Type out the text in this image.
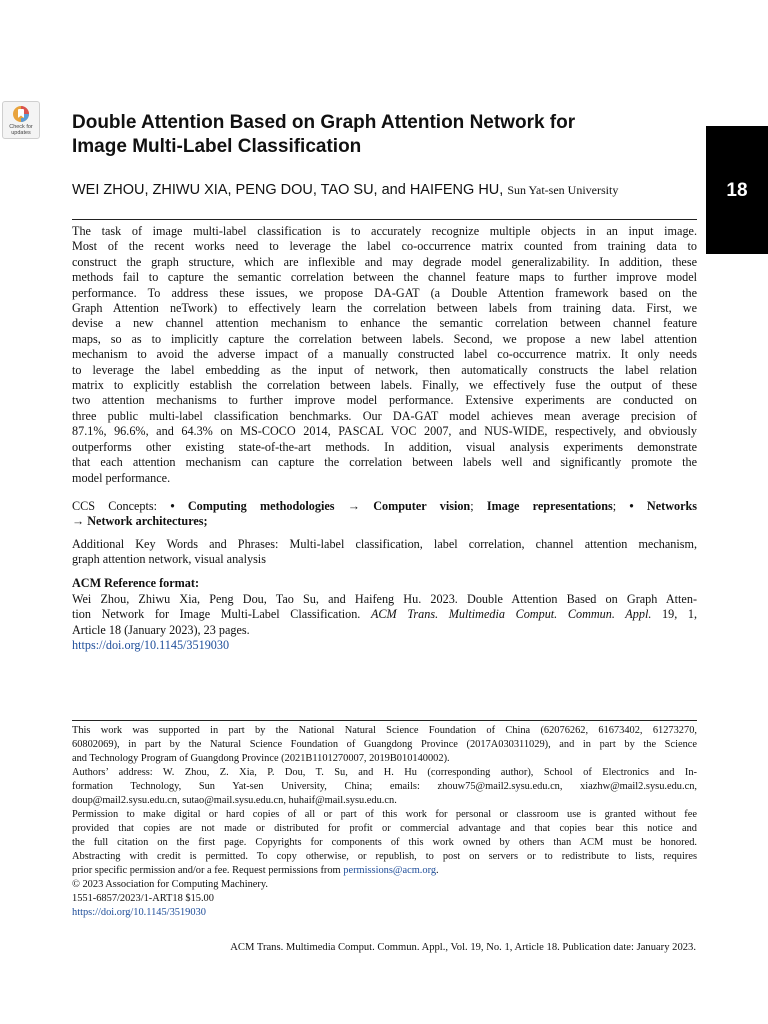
Check for
updates
18
Double Attention Based on Graph Attention Network for
Image Multi-Label Classification
WEI ZHOU, ZHIWU XIA, PENG DOU, TAO SU, and HAIFENG HU, Sun Yat-sen University
The task of image multi-label classification is to accurately recognize multiple objects in an input image.
Most of the recent works need to leverage the label co-occurrence matrix counted from training data to
construct the graph structure, which are inflexible and may degrade model generalizability. In addition, these
methods fail to capture the semantic correlation between the channel feature maps to further improve model
performance. To address these issues, we propose DA-GAT (a Double Attention framework based on the
Graph Attention neTwork) to effectively learn the correlation between labels from training data. First, we
devise a new channel attention mechanism to enhance the semantic correlation between channel feature
maps, so as to implicitly capture the correlation between labels. Second, we propose a new label attention
mechanism to avoid the adverse impact of a manually constructed label co-occurrence matrix. It only needs
to leverage the label embedding as the input of network, then automatically constructs the label relation
matrix to explicitly establish the correlation between labels. Finally, we effectively fuse the output of these
two attention mechanisms to further improve model performance. Extensive experiments are conducted on
three public multi-label classification benchmarks. Our DA-GAT model achieves mean average precision of
87.1%, 96.6%, and 64.3% on MS-COCO 2014, PASCAL VOC 2007, and NUS-WIDE, respectively, and obviously
outperforms other existing state-of-the-art methods. In addition, visual analysis experiments demonstrate
that each attention mechanism can capture the correlation between labels well and significantly promote the
model performance.
CCS Concepts: • Computing methodologies → Computer vision; Image representations; • Networks
→ Network architectures;
Additional Key Words and Phrases: Multi-label classification, label correlation, channel attention mechanism,
graph attention network, visual analysis
ACM Reference format:
Wei Zhou, Zhiwu Xia, Peng Dou, Tao Su, and Haifeng Hu. 2023. Double Attention Based on Graph Atten-
tion Network for Image Multi-Label Classification. ACM Trans. Multimedia Comput. Commun. Appl. 19, 1,
Article 18 (January 2023), 23 pages.
https://doi.org/10.1145/3519030
This work was supported in part by the National Natural Science Foundation of China (62076262, 61673402, 61273270,
60802069), in part by the Natural Science Foundation of Guangdong Province (2017A030311029), and in part by the Science
and Technology Program of Guangdong Province (2021B1101270007, 2019B010140002).
Authors’ address: W. Zhou, Z. Xia, P. Dou, T. Su, and H. Hu (corresponding author), School of Electronics and In-
formation Technology, Sun Yat-sen University, China; emails: zhouw75@mail2.sysu.edu.cn, xiazhw@mail2.sysu.edu.cn,
doup@mail2.sysu.edu.cn, sutao@mail.sysu.edu.cn, huhaif@mail.sysu.edu.cn.
Permission to make digital or hard copies of all or part of this work for personal or classroom use is granted without fee
provided that copies are not made or distributed for profit or commercial advantage and that copies bear this notice and
the full citation on the first page. Copyrights for components of this work owned by others than ACM must be honored.
Abstracting with credit is permitted. To copy otherwise, or republish, to post on servers or to redistribute to lists, requires
prior specific permission and/or a fee. Request permissions from permissions@acm.org.
© 2023 Association for Computing Machinery.
1551-6857/2023/1-ART18 $15.00
https://doi.org/10.1145/3519030
ACM Trans. Multimedia Comput. Commun. Appl., Vol. 19, No. 1, Article 18. Publication date: January 2023.
